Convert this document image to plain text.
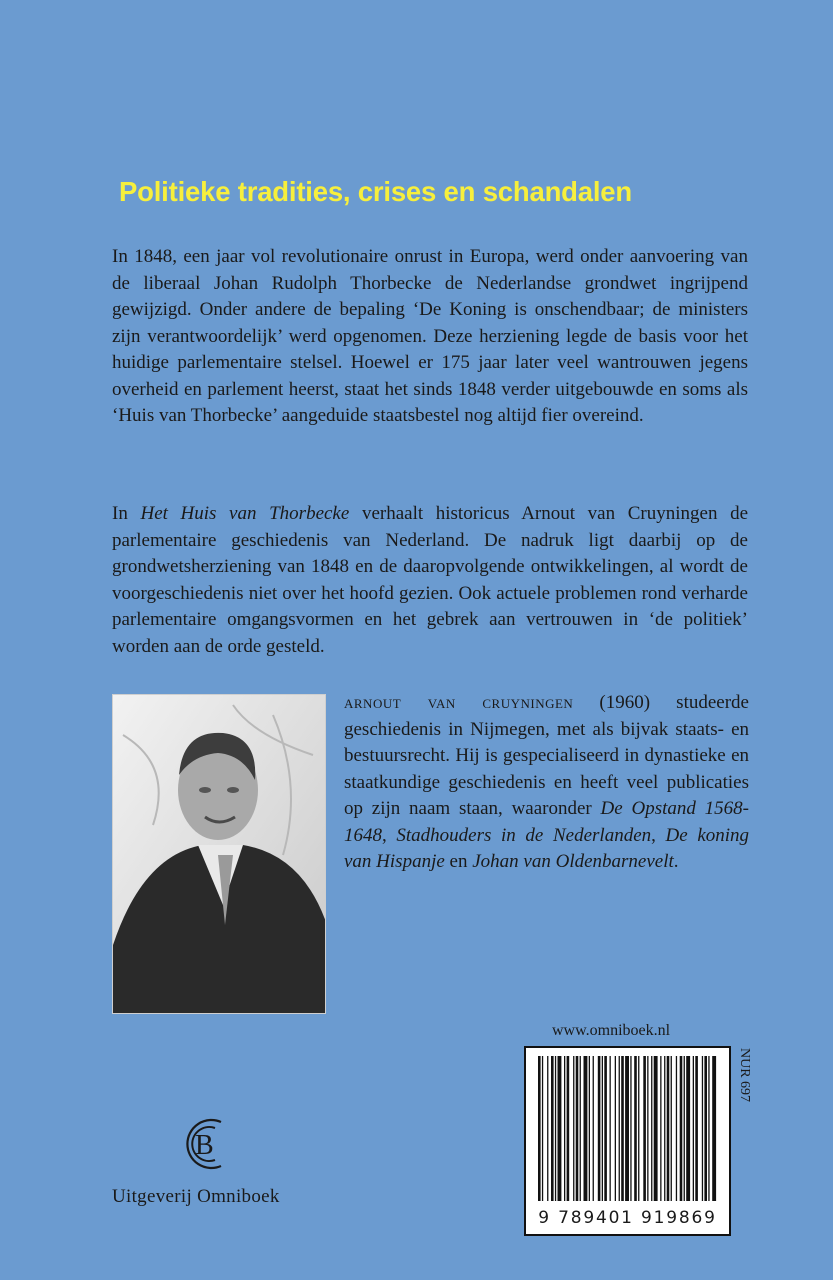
Politieke tradities, crises en schandalen

In 1848, een jaar vol revolutionaire onrust in Europa, werd onder aanvoering van de liberaal Johan Rudolph Thorbecke de Nederlandse grondwet ingrijpend gewijzigd. Onder andere de bepaling ‘De Koning is onschendbaar; de ministers zijn verantwoordelijk’ werd opgenomen. Deze herziening legde de basis voor het huidige parlementaire stelsel. Hoewel er 175 jaar later veel wantrouwen jegens overheid en parlement heerst, staat het sinds 1848 verder uitgebouwde en soms als ‘Huis van Thorbecke’ aangeduide staatsbestel nog altijd fier overeind.

In Het Huis van Thorbecke verhaalt historicus Arnout van Cruyningen de parlementaire geschiedenis van Nederland. De nadruk ligt daarbij op de grondwetsherziening van 1848 en de daaropvolgende ontwikkelingen, al wordt de voorgeschiedenis niet over het hoofd gezien. Ook actuele problemen rond verharde parlementaire omgangsvormen en het gebrek aan vertrouwen in ‘de politiek’ worden aan de orde gesteld.

arnout van cruyningen (1960) studeerde geschiedenis in Nijmegen, met als bijvak staats- en bestuursrecht. Hij is gespecialiseerd in dynastieke en staatkundige geschiedenis en heeft veel publicaties op zijn naam staan, waaronder De Opstand 1568-1648, Stadhouders in de Nederlanden, De koning van Hispanje en Johan van Oldenbarnevelt.

www.omniboek.nl
NUR 697
9 789401 919869
B
Uitgeverij Omniboek
